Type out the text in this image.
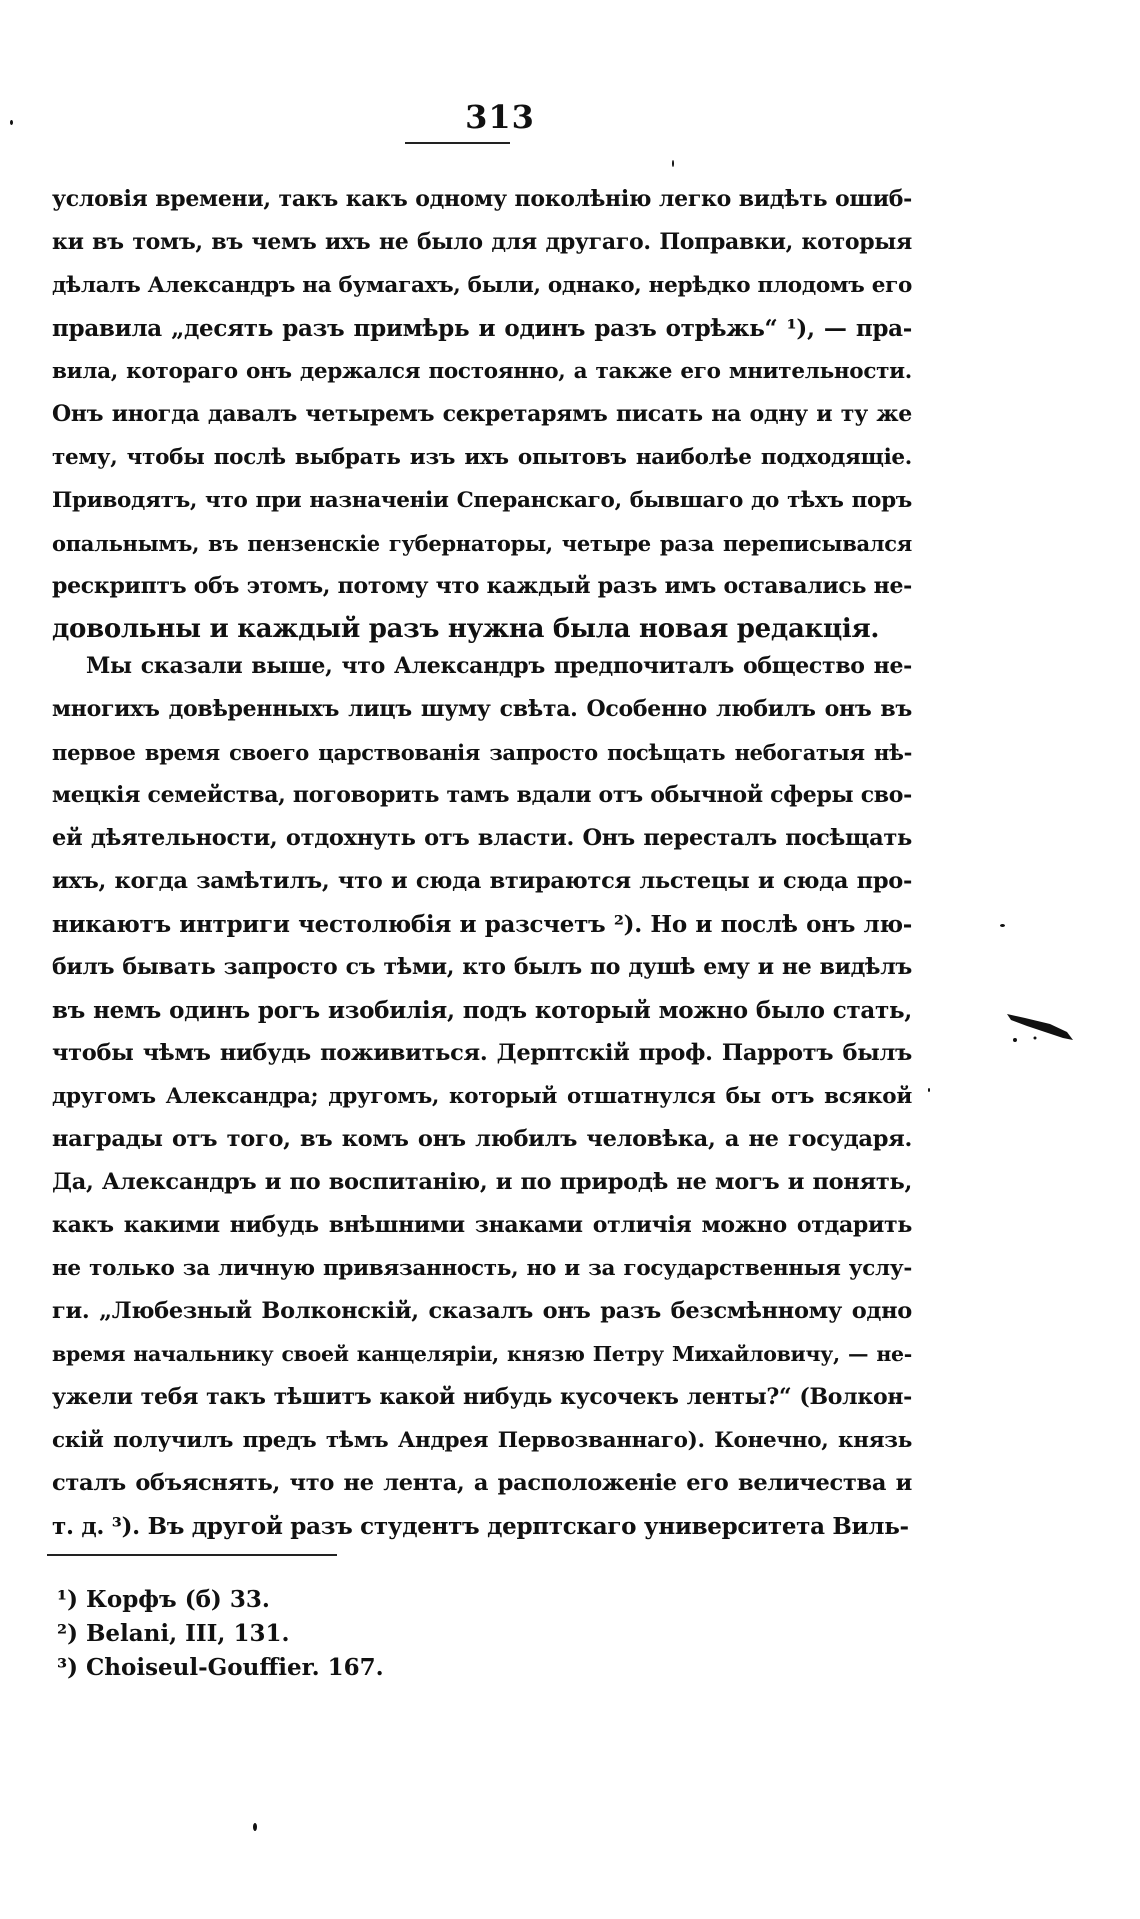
313
условія времени, такъ какъ одному поколѣнію легко видѣть ошиб-
ки въ томъ, въ чемъ ихъ не было для другаго. Поправки, которыя
дѣлалъ Александръ на бумагахъ, были, однако, нерѣдко плодомъ его
правила „десять разъ примѣрь и одинъ разъ отрѣжь“ ¹), — пра-
вила, котораго онъ держался постоянно, а также его мнительности.
Онъ иногда давалъ четыремъ секретарямъ писать на одну и ту же
тему, чтобы послѣ выбрать изъ ихъ опытовъ наиболѣе подходящіе.
Приводятъ, что при назначеніи Сперанскаго, бывшаго до тѣхъ поръ
опальнымъ, въ пензенскіе губернаторы, четыре раза переписывался
рескриптъ объ этомъ, потому что каждый разъ имъ оставались не-
довольны и каждый разъ нужна была новая редакція.
Мы сказали выше, что Александръ предпочиталъ общество не-
многихъ довѣренныхъ лицъ шуму свѣта. Особенно любилъ онъ въ
первое время своего царствованія запросто посѣщать небогатыя нѣ-
мецкія семейства, поговорить тамъ вдали отъ обычной сферы сво-
ей дѣятельности, отдохнуть отъ власти. Онъ пересталъ посѣщать
ихъ, когда замѣтилъ, что и сюда втираются льстецы и сюда про-
никаютъ интриги честолюбія и разсчетъ ²). Но и послѣ онъ лю-
билъ бывать запросто съ тѣми, кто былъ по душѣ ему и не видѣлъ
въ немъ одинъ рогъ изобилія, подъ который можно было стать,
чтобы чѣмъ нибудь поживиться. Дерптскій проф. Парротъ былъ
другомъ Александра; другомъ, который отшатнулся бы отъ всякой
награды отъ того, въ комъ онъ любилъ человѣка, а не государя.
Да, Александръ и по воспитанію, и по природѣ не могъ и понять,
какъ какими нибудь внѣшними знаками отличія можно отдарить
не только за личную привязанность, но и за государственныя услу-
ги. „Любезный Волконскій, сказалъ онъ разъ безсмѣнному одно
время начальнику своей канцеляріи, князю Петру Михайловичу, — не-
ужели тебя такъ тѣшитъ какой нибудь кусочекъ ленты?“ (Волкон-
скій получилъ предъ тѣмъ Андрея Первозваннаго). Конечно, князь
сталъ объяснять, что не лента, а расположеніе его величества и
т. д. ³). Въ другой разъ студентъ дерптскаго университета Виль-
¹) Корфъ (б) 33.
²) Belani, III, 131.
³) Choiseul-Gouffier. 167.
